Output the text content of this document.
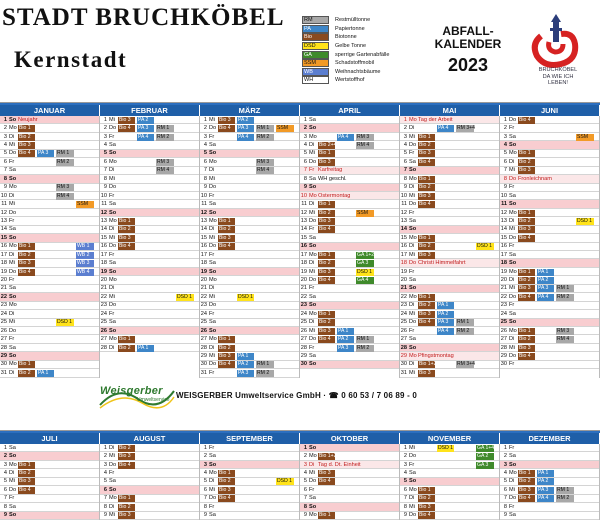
STADT BRUCHKÖBEL
Kernstadt
RM	Restmülltonne
PA	Papiertonne
Bio	Biotonne
DSD	Gelbe Tonne
GA	sperrige Gartenabfälle
SSM	Schadstoffmobil
WB	Weihnachtsbäume
WH	Wertstoffhof
ABFALL-
KALENDER
2023	BRUCHKÖBEL
DA WIE ICH
LEBEN!
JANUAR	FEBRUAR	MÄRZ	APRIL	MAI	JUNI
1 So Neujahr
2 Mo Bio 1
3 Di Bio 2
4 Mi Bio 3
5 Do Bio 4	PA 3	RM 1
6 Fr	RM 2
7 Sa
8 So
9 Mo	RM 3
10 Di	RM 4
11 Mi	SSM
12 Do
13 Fr
14 Sa
15 So
16 Mo Bio 1	WB 1
17 Di Bio 2	WB 2
18 Mi Bio 3	WB 3
19 Do Bio 4	WB 4
20 Fr
21 Sa
22 So
23 Mo
24 Di
25 Mi	DSD 1
26 Do
27 Fr
28 Sa
29 So
30 Mo Bio 1
31 Di Bio 2	PA 1
1 Mi Bio 3	PA 2
2 Do Bio 4	PA 3	RM 1
3 Fr	PA 4	RM 2
4 Sa
5 So
6 Mo	RM 3
7 Di	RM 4
8 Mi
9 Do
10 Fr
11 Sa
12 So
13 Mo Bio 1
14 Di Bio 2
15 Mi Bio 3
16 Do Bio 4
17 Fr
18 Sa
19 So
20 Mo
21 Di
22 Mi	DSD 1
23 Do
24 Fr
25 Sa
26 So
27 Mo Bio 1
28 Di Bio 2	PA 1
1 Mi Bio 3	PA 2
2 Do Bio 4	PA 3	RM 1	SSM
3 Fr	PA 4	RM 2
4 Sa
5 So
6 Mo	RM 3
7 Di	RM 4
8 Mi
9 Do
10 Fr
11 Sa
12 So
13 Mo Bio 1
14 Di Bio 2
15 Mi Bio 3
16 Do Bio 4
17 Fr
18 Sa
19 So
20 Mo
21 Di
22 Mi	DSD 1
23 Do
24 Fr
25 Sa
26 So
27 Mo Bio 1
28 Di Bio 2
29 Mi Bio 3	PA 1
30 Do Bio 4	PA 2	RM 1
31 Fr	PA 3	RM 2
1 Sa
2 So
3 Mo	PA 4	RM 3
4 Di Bio 2+4	RM 4
5 Mi Bio 1
6 Do Bio 3
7 Fr Karfreitag
8 Sa WH geschl.
9 So
10 Mo Ostermontag
11 Di Bio 1
12 Mi Bio 2	SSM
13 Do Bio 3
14 Fr Bio 4
15 Sa
16 So
17 Mo Bio 1	GA 1+2
18 Di Bio 2	GA 3
19 Mi Bio 3	DSD 1
20 Do Bio 4	GA 4
21 Fr
22 Sa
23 So
24 Mo Bio 1
25 Di Bio 2
26 Mi Bio 3	PA 1
27 Do Bio 4	PA 2	RM 1
28 Fr	PA 3	RM 2
29 Sa
30 So
1 Mo Tag der Arbeit
2 Di	PA 4	RM 3+4
3 Mi Bio 1
4 Do Bio 2
5 Fr Bio 3
6 Sa Bio 4
7 So
8 Mo Bio 1
9 Di Bio 2
10 Mi Bio 3
11 Do Bio 4
12 Fr
13 Sa
14 So
15 Mo Bio 1
16 Di Bio 2	DSD 1
17 Mi Bio 3
18 Do Christi Himmelfahrt
19 Fr
20 Sa
21 So
22 Mo Bio 1
23 Di Bio 2	PA 1
24 Mi Bio 3	PA 2
25 Do Bio 4	PA 3	RM 1
26 Fr	PA 4	RM 2
27 Sa
28 So
29 Mo Pfingstmontag
30 Di Bio 1+2	RM 3+4
31 Mi Bio 3
1 Do Bio 4
2 Fr
3 Sa	SSM
4 So
5 Mo Bio 1
6 Di Bio 2
7 Mi Bio 3
8 Do Fronleichnam
9 Fr
10 Sa
11 So
12 Mo Bio 1
13 Di Bio 2	DSD 1
14 Mi Bio 3
15 Do Bio 4
16 Fr
17 Sa
18 So
19 Mo Bio 1	PA 1
20 Di Bio 2	PA 2
21 Mi Bio 3	PA 3	RM 1
22 Do Bio 4	PA 4	RM 2
23 Fr
24 Sa
25 So
26 Mo Bio 1	RM 3
27 Di Bio 2	RM 4
28 Mi Bio 3
29 Do Bio 4
30 Fr
Weisgerber
Umweltservice WEISGERBER Umweltservice GmbH · ☎ 0 60 53 / 7 06 89 - 0
JULI	AUGUST	SEPTEMBER	OKTOBER	NOVEMBER	DEZEMBER
1 Sa
2 So
3 Mo Bio 1
4 Di Bio 2
5 Mi Bio 3
6 Do Bio 4
7 Fr
8 Sa
9 So
1 Di Bio 2
2 Mi Bio 3
3 Do Bio 4
4 Fr
5 Sa
6 So
7 Mo Bio 1
8 Di Bio 2
9 Mi Bio 3
1 Fr
2 Sa
3 So
4 Mo Bio 1
5 Di Bio 2	DSD 1
6 Mi Bio 3
7 Do Bio 4
8 Fr
9 Sa
1 So
2 Mo Bio 1+2
3 Di Tag d. Dt. Einheit
4 Mi Bio 3
5 Do Bio 4
6 Fr
7 Sa
8 So
9 Mo Bio 1
1 Mi	DSD 1	GA 1+4
2 Do	GA 2
3 Fr	GA 3
4 Sa
5 So
6 Mo Bio 1
7 Di Bio 2
8 Mi Bio 3
9 Do Bio 4
1 Fr
2 Sa
3 So
4 Mo Bio 1	PA 1
5 Di Bio 2	PA 2
6 Mi Bio 3	PA 3	RM 1
7 Do Bio 4	PA 4	RM 2
8 Fr
9 Sa
